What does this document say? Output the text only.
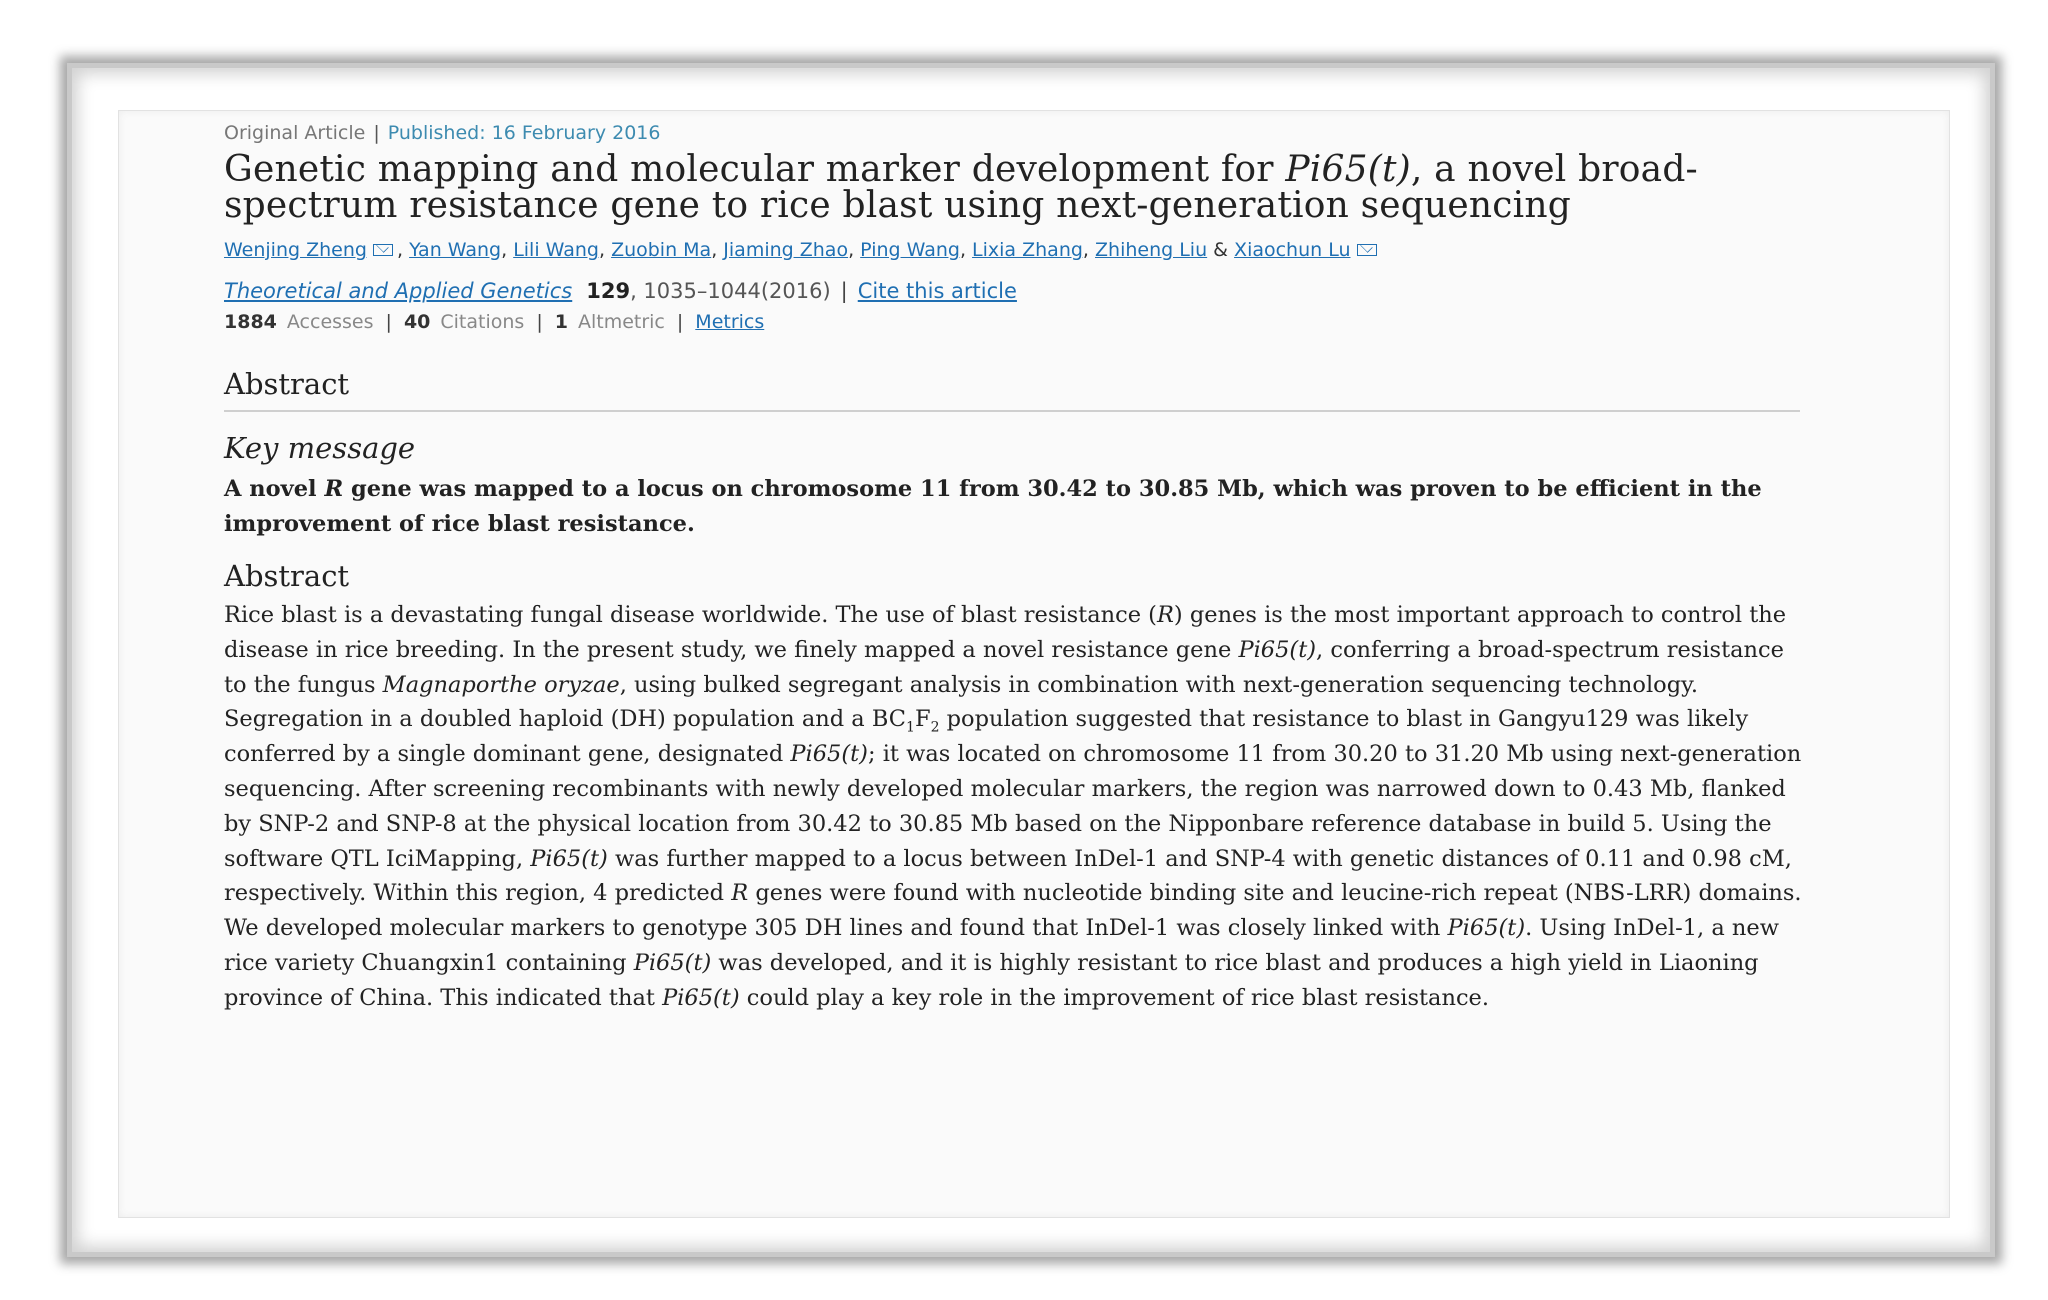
Original Article | Published: 16 February 2016
Genetic mapping and molecular marker development for Pi65(t), a novel broad-spectrum resistance gene to rice blast using next-generation sequencing
Wenjing Zheng , Yan Wang, Lili Wang, Zuobin Ma, Jiaming Zhao, Ping Wang, Lixia Zhang, Zhiheng Liu & Xiaochun Lu
Theoretical and Applied Genetics 129, 1035–1044(2016) | Cite this article
1884 Accesses | 40 Citations | 1 Altmetric | Metrics
Abstract
Key message
A novel R gene was mapped to a locus on chromosome 11 from 30.42 to 30.85 Mb, which was proven to be efficient in the improvement of rice blast resistance.
Abstract
Rice blast is a devastating fungal disease worldwide. The use of blast resistance (R) genes is the most important approach to control the disease in rice breeding. In the present study, we finely mapped a novel resistance gene Pi65(t), conferring a broad-spectrum resistance to the fungus Magnaporthe oryzae, using bulked segregant analysis in combination with next-generation sequencing technology. Segregation in a doubled haploid (DH) population and a $BC_1F_2$ population suggested that resistance to blast in Gangyu129 was likely conferred by a single dominant gene, designated Pi65(t); it was located on chromosome 11 from 30.20 to 31.20 Mb using next-generation sequencing. After screening recombinants with newly developed molecular markers, the region was narrowed down to 0.43 Mb, flanked by SNP-2 and SNP-8 at the physical location from 30.42 to 30.85 Mb based on the Nipponbare reference database in build 5. Using the software QTL IciMapping, Pi65(t) was further mapped to a locus between InDel-1 and SNP-4 with genetic distances of 0.11 and 0.98 cM, respectively. Within this region, 4 predicted R genes were found with nucleotide binding site and leucine-rich repeat (NBS-LRR) domains. We developed molecular markers to genotype 305 DH lines and found that InDel-1 was closely linked with Pi65(t). Using InDel-1, a new rice variety Chuangxin1 containing Pi65(t) was developed, and it is highly resistant to rice blast and produces a high yield in Liaoning province of China. This indicated that Pi65(t) could play a key role in the improvement of rice blast resistance.
